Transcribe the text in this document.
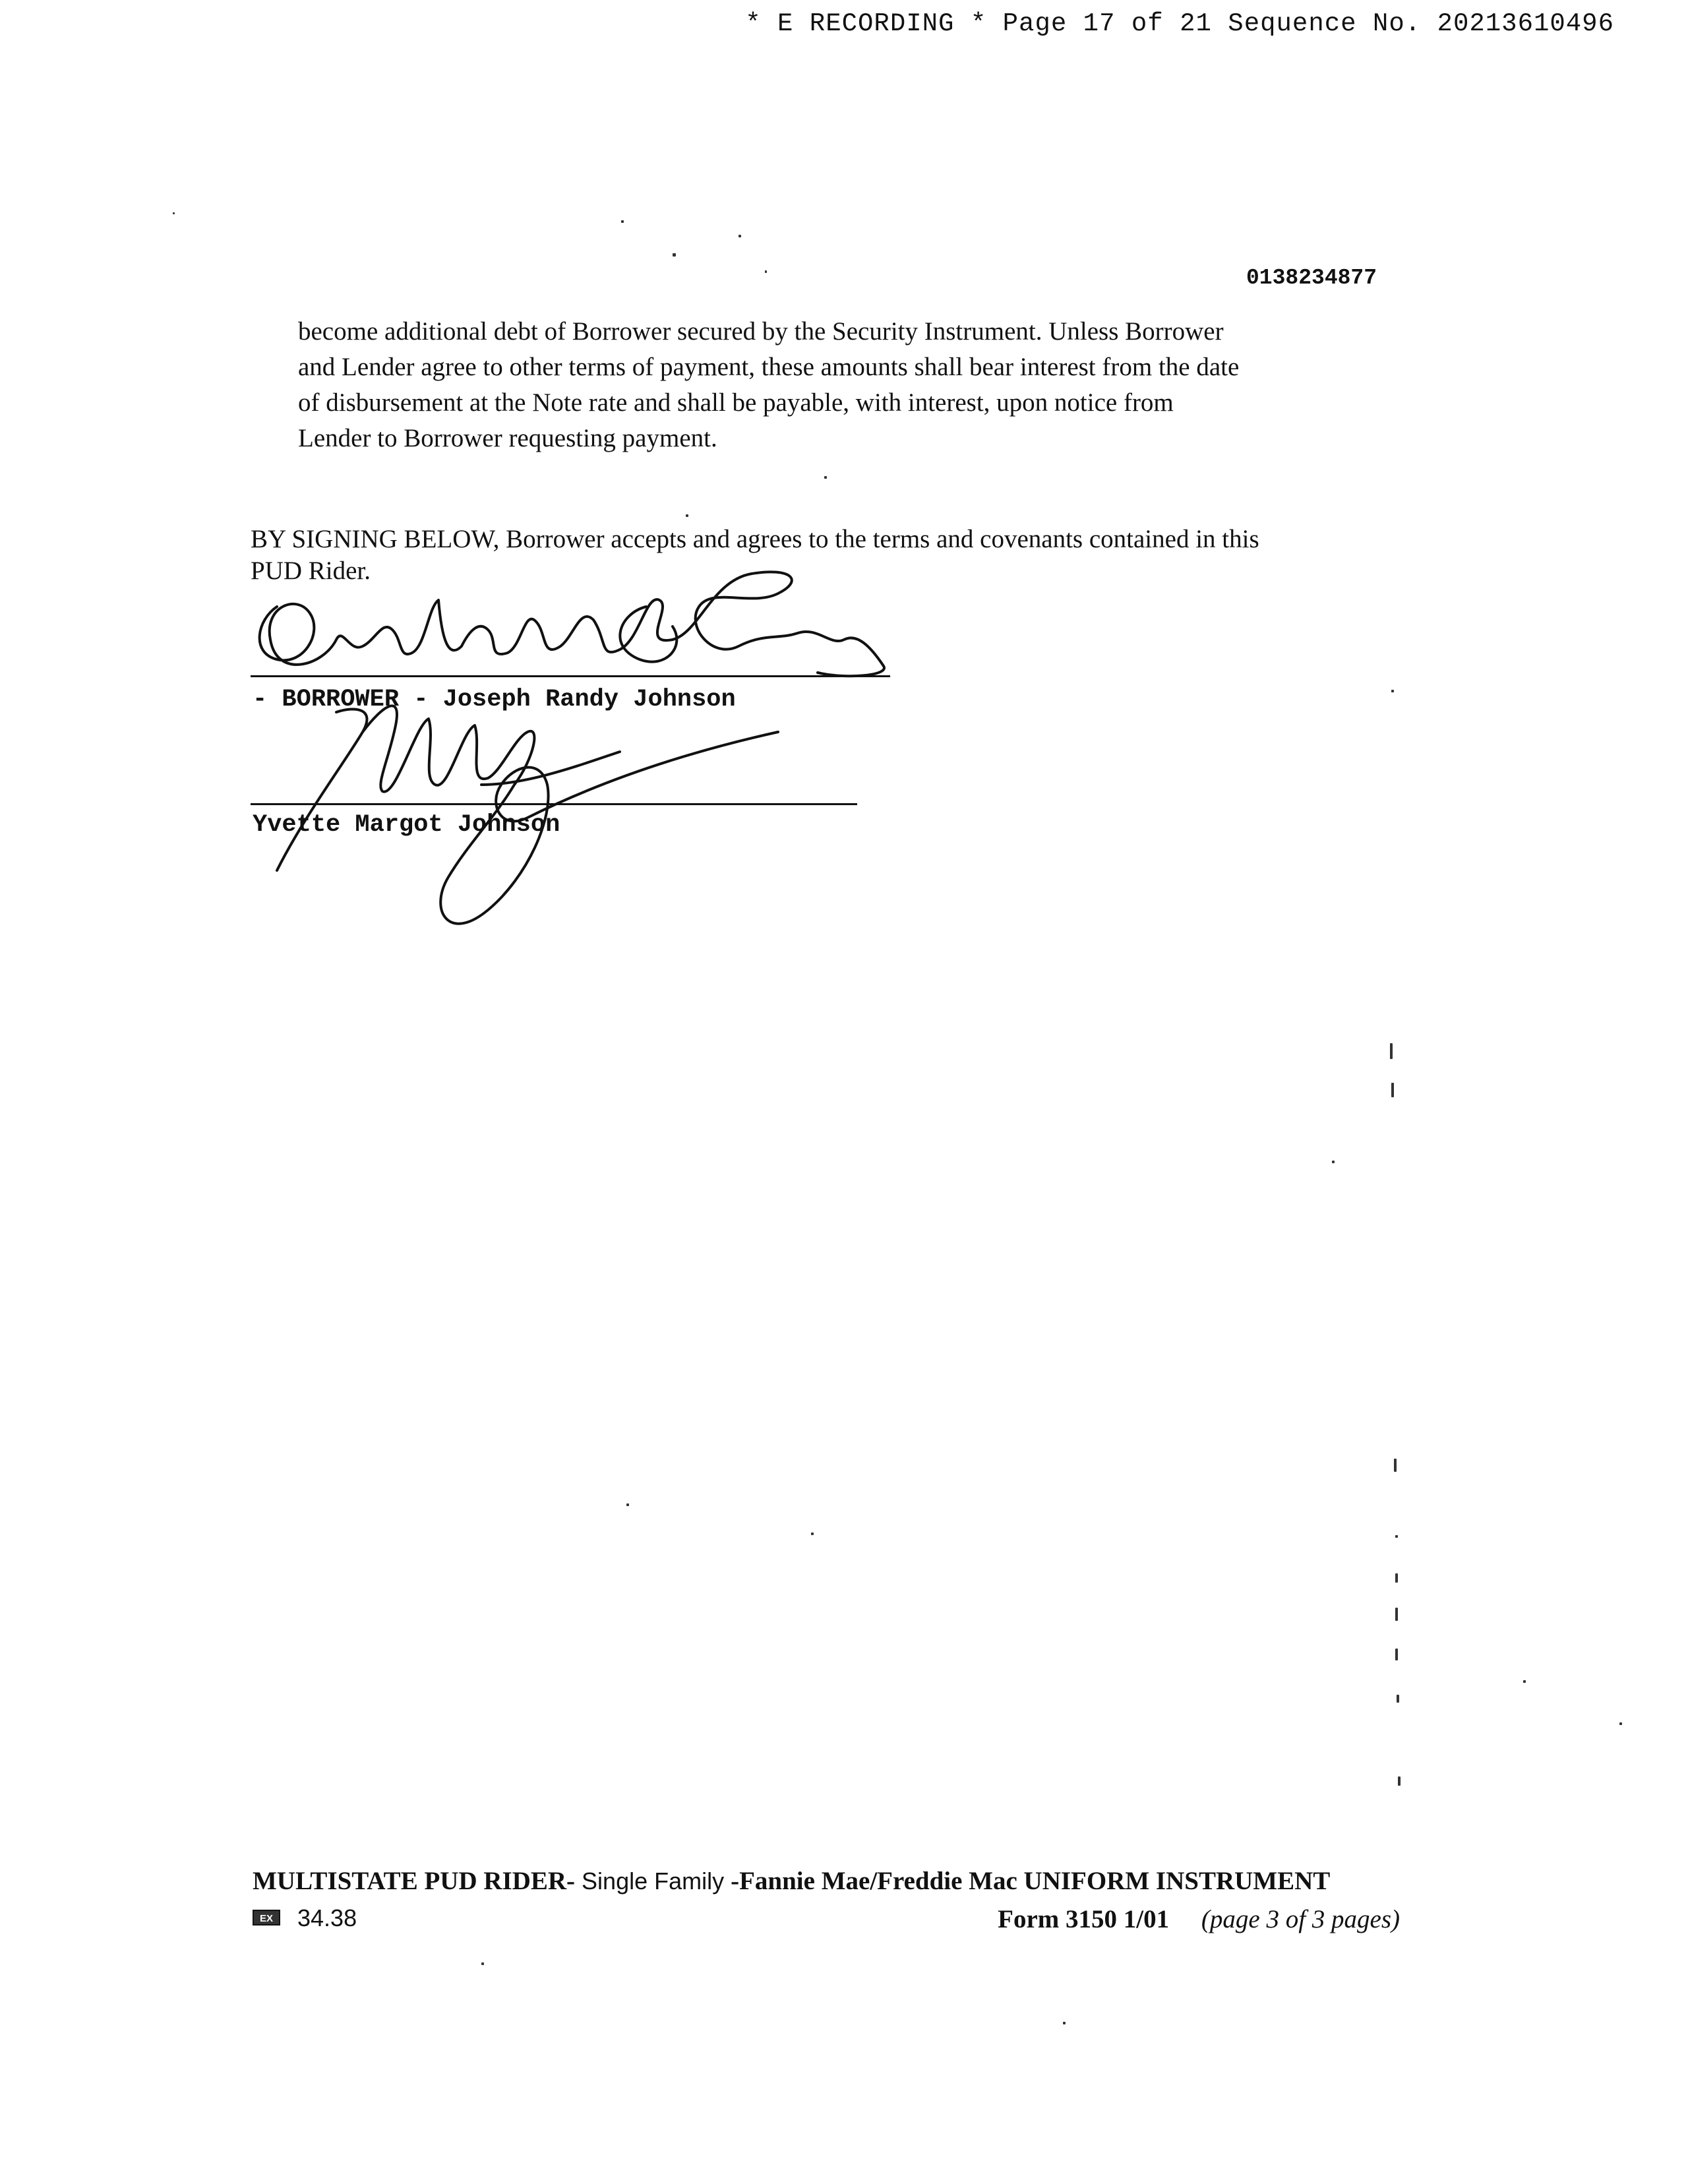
* E RECORDING * Page 17 of 21 Sequence No. 20213610496
0138234877
become additional debt of Borrower secured by the Security Instrument. Unless Borrower
and Lender agree to other terms of payment, these amounts shall bear interest from the date
of disbursement at the Note rate and shall be payable, with interest, upon notice from
Lender to Borrower requesting payment.
BY SIGNING BELOW, Borrower accepts and agrees to the terms and covenants contained in this
PUD Rider.
- BORROWER - Joseph Randy Johnson
Yvette Margot Johnson
MULTISTATE PUD RIDER- Single Family -Fannie Mae/Freddie Mac UNIFORM INSTRUMENT
EX	34.38	Form 3150 1/01 (page 3 of 3 pages)
